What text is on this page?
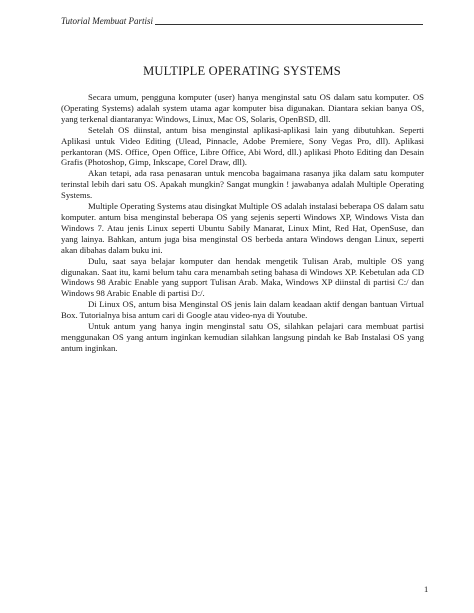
Tutorial Membuat Partisi
MULTIPLE OPERATING SYSTEMS

Secara umum, pengguna komputer (user) hanya menginstal satu OS dalam satu komputer. OS (Operating Systems) adalah system utama agar komputer bisa digunakan. Diantara sekian banya OS, yang terkenal diantaranya: Windows, Linux, Mac OS, Solaris, OpenBSD, dll.

Setelah OS diinstal, antum bisa menginstal aplikasi-aplikasi lain yang dibutuhkan. Seperti Aplikasi untuk Video Editing (Ulead, Pinnacle, Adobe Premiere, Sony Vegas Pro, dll). Aplikasi perkantoran (MS. Office, Open Office, Libre Office, Abi Word, dll.) aplikasi Photo Editing dan Desain Grafis (Photoshop, Gimp, Inkscape, Corel Draw, dll).

Akan tetapi, ada rasa penasaran untuk mencoba bagaimana rasanya jika dalam satu komputer terinstal lebih dari satu OS. Apakah mungkin? Sangat mungkin ! jawabanya adalah Multiple Operating Systems.

Multiple Operating Systems atau disingkat Multiple OS adalah instalasi beberapa OS dalam satu komputer. antum bisa menginstal beberapa OS yang sejenis seperti Windows XP, Windows Vista dan Windows 7. Atau jenis Linux seperti Ubuntu Sabily Manarat, Linux Mint, Red Hat, OpenSuse, dan yang lainya. Bahkan, antum juga bisa menginstal OS berbeda antara Windows dengan Linux, seperti akan dibahas dalam buku ini.

Dulu, saat saya belajar komputer dan hendak mengetik Tulisan Arab, multiple OS yang digunakan. Saat itu, kami belum tahu cara menambah seting bahasa di Windows XP. Kebetulan ada CD Windows 98 Arabic Enable yang support Tulisan Arab. Maka, Windows XP diinstal di partisi C:/ dan Windows 98 Arabic Enable di partisi D:/.

Di Linux OS, antum bisa Menginstal OS jenis lain dalam keadaan aktif dengan bantuan Virtual Box. Tutorialnya bisa antum cari di Google atau video-nya di Youtube.

Untuk antum yang hanya ingin menginstal satu OS, silahkan pelajari cara membuat partisi menggunakan OS yang antum inginkan kemudian silahkan langsung pindah ke Bab Instalasi OS yang antum inginkan.

1
